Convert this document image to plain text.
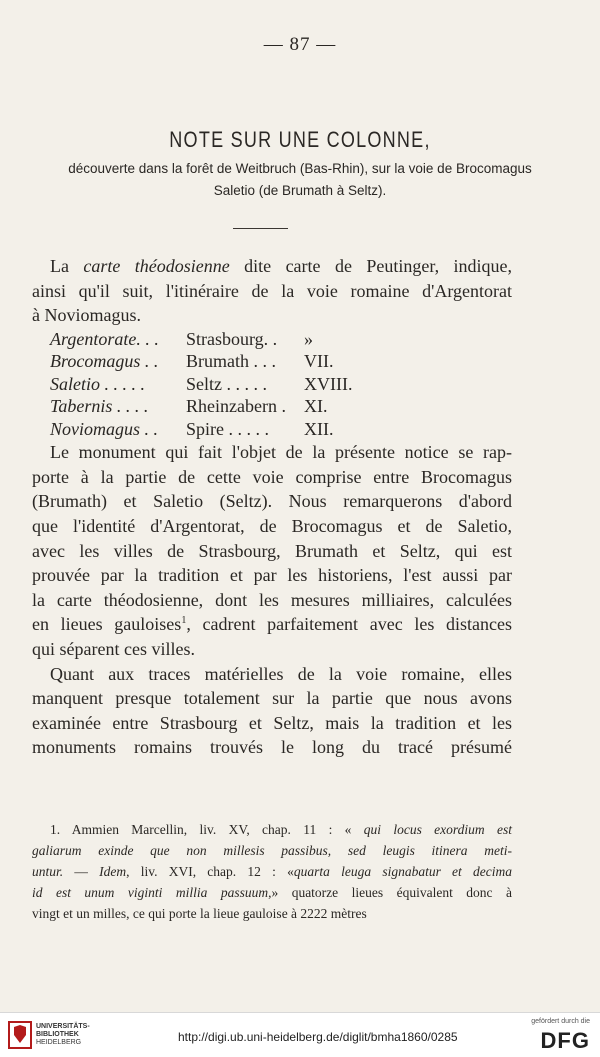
— 87 —
NOTE SUR UNE COLONNE,
découverte dans la forêt de Weitbruch (Bas-Rhin), sur la voie de Brocomagus
Saletio (de Brumath à Seltz).
La carte théodosienne dite carte de Peutinger, indique,
ainsi qu'il suit, l'itinéraire de la voie romaine d'Argentorat
à Noviomagus.
Argentorate. . . Strasbourg. . »
Brocomagus . . Brumath . . . VII.
Saletio . . . . . Seltz . . . . . XVIII.
Tabernis . . . . Rheinzabern . XI.
Noviomagus . . Spire . . . . . XII.
Le monument qui fait l'objet de la présente notice se rap-
porte à la partie de cette voie comprise entre Brocomagus
(Brumath) et Saletio (Seltz). Nous remarquerons d'abord
que l'identité d'Argentorat, de Brocomagus et de Saletio,
avec les villes de Strasbourg, Brumath et Seltz, qui est
prouvée par la tradition et par les historiens, l'est aussi par
la carte théodosienne, dont les mesures milliaires, calculées
en lieues gauloises$^1$, cadrent parfaitement avec les distances
qui séparent ces villes.
Quant aux traces matérielles de la voie romaine, elles
manquent presque totalement sur la partie que nous avons
examinée entre Strasbourg et Seltz, mais la tradition et les
monuments romains trouvés le long du tracé présumé
1. Ammien Marcellin, liv. XV, chap. 11 : « qui locus exordium est
galiarum exinde que non millesis passibus, sed leugis itinera meti-
untur. — Idem, liv. XVI, chap. 12 : «quarta leuga signabatur et decima
id est unum viginti millia passuum,» quatorze lieues équivalent donc à
vingt et un milles, ce qui porte la lieue gauloise à 2222 mètres
UNIVERSITÄTS-
BIBLIOTHEK
HEIDELBERG	http://digi.ub.uni-heidelberg.de/diglit/bmha1860/0285
gefördert durch die
DFG
